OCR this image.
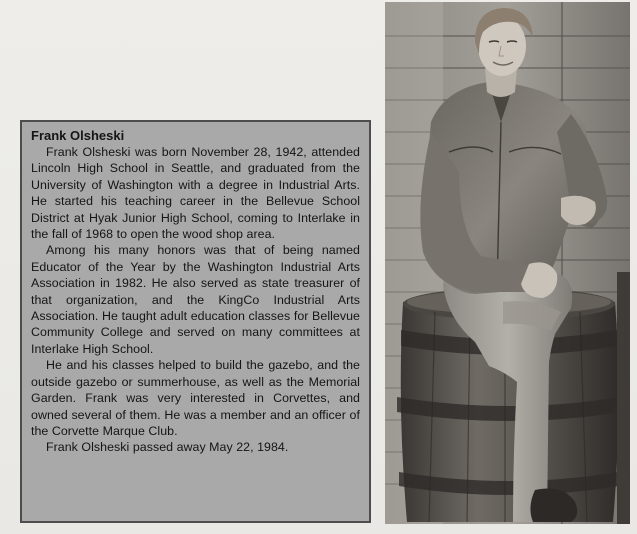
Frank Olsheski

Frank Olsheski was born November 28, 1942, attended Lincoln High School in Seattle, and graduated from the University of Washington with a degree in Industrial Arts. He started his teaching career in the Bellevue School District at Hyak Junior High School, coming to Interlake in the fall of 1968 to open the wood shop area.

Among his many honors was that of being named Educator of the Year by the Washington Industrial Arts Association in 1982. He also served as state treasurer of that organization, and the KingCo Industrial Arts Association. He taught adult education classes for Bellevue Community College and served on many committees at Interlake High School.

He and his classes helped to build the gazebo, and the outside gazebo or summerhouse, as well as the Memorial Garden. Frank was very interested in Corvettes, and owned several of them. He was a member and an officer of the Corvette Marque Club.

Frank Olsheski passed away May 22, 1984.
